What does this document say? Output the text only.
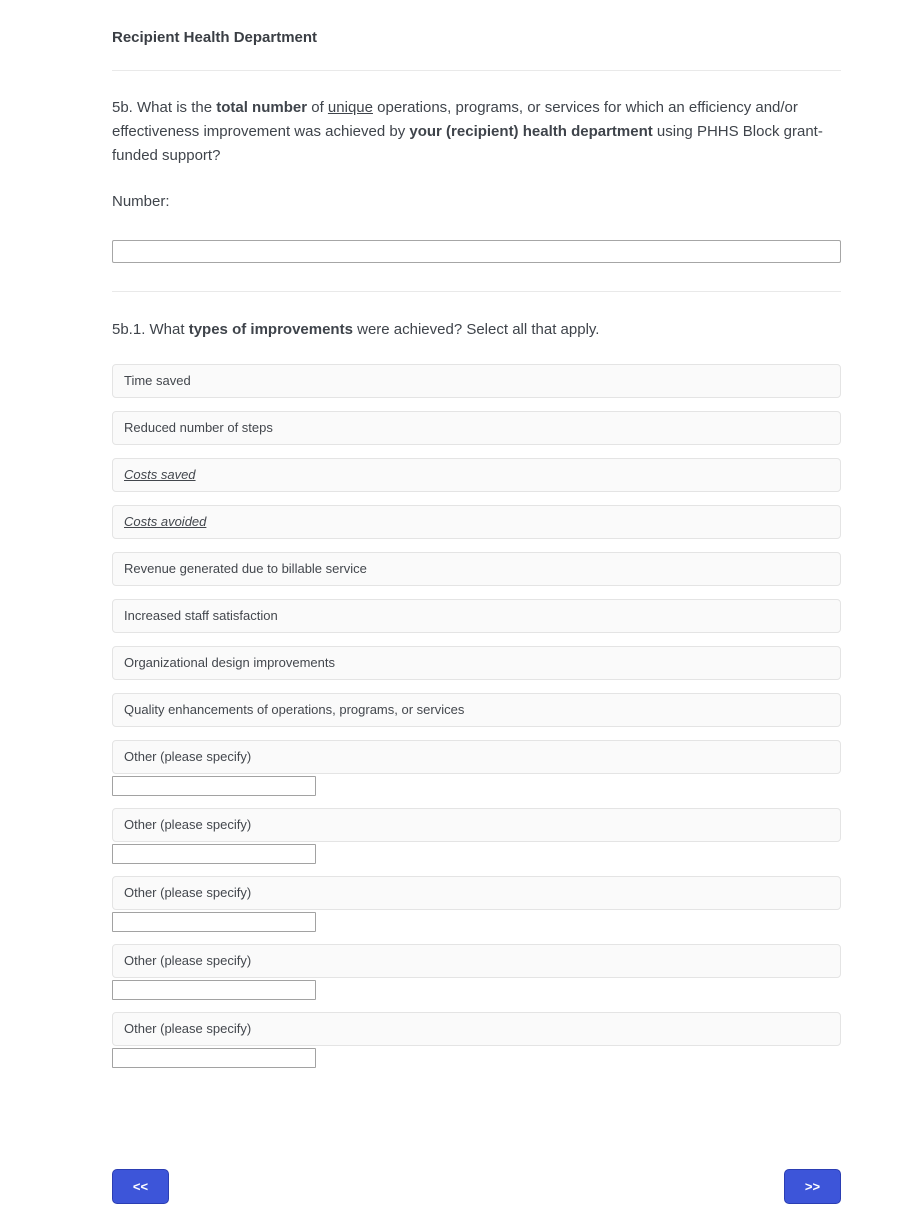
Recipient Health Department
5b. What is the total number of unique operations, programs, or services for which an efficiency and/or effectiveness improvement was achieved by your (recipient) health department using PHHS Block grant-funded support?
Number:
5b.1. What types of improvements were achieved? Select all that apply.
Time saved
Reduced number of steps
Costs saved
Costs avoided
Revenue generated due to billable service
Increased staff satisfaction
Organizational design improvements
Quality enhancements of operations, programs, or services
Other (please specify)
Other (please specify)
Other (please specify)
Other (please specify)
Other (please specify)
<<	>>
